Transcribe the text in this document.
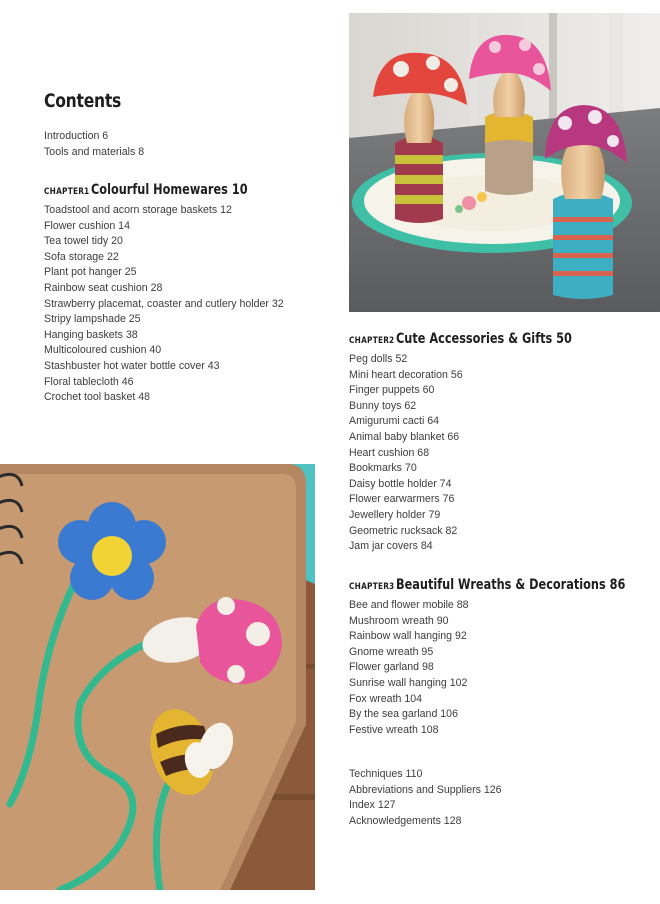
Contents
Introduction 6
Tools and materials 8
CHAPTER1 Colourful Homewares 10
Toadstool and acorn storage baskets 12
Flower cushion 14
Tea towel tidy 20
Sofa storage 22
Plant pot hanger 25
Rainbow seat cushion 28
Strawberry placemat, coaster and cutlery holder 32
Stripy lampshade 25
Hanging baskets 38
Multicoloured cushion 40
Stashbuster hot water bottle cover 43
Floral tablecloth 46
Crochet tool basket 48
CHAPTER2 Cute Accessories & Gifts 50
Peg dolls 52
Mini heart decoration 56
Finger puppets 60
Bunny toys 62
Amigurumi cacti 64
Animal baby blanket 66
Heart cushion 68
Bookmarks 70
Daisy bottle holder 74
Flower earwarmers 76
Jewellery holder 79
Geometric rucksack 82
Jam jar covers 84
CHAPTER3 Beautiful Wreaths & Decorations 86
Bee and flower mobile 88
Mushroom wreath 90
Rainbow wall hanging 92
Gnome wreath 95
Flower garland 98
Sunrise wall hanging 102
Fox wreath 104
By the sea garland 106
Festive wreath 108
Techniques 110
Abbreviations and Suppliers 126
Index 127
Acknowledgements 128
